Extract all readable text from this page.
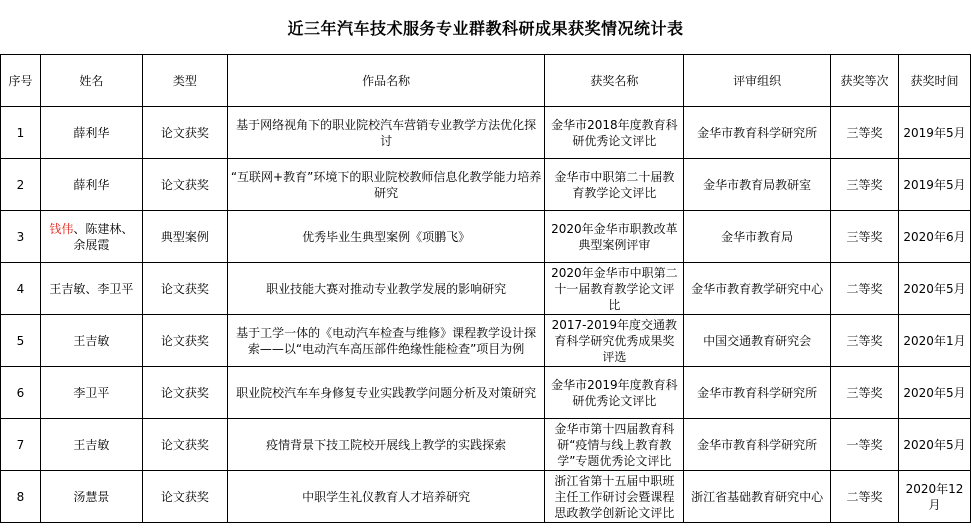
近三年汽车技术服务专业群教科研成果获奖情况统计表
序号	姓名	类型	作品名称	获奖名称	评审组织	获奖等次	获奖时间
1	薛利华	论文获奖	基于网络视角下的职业院校汽车营销专业教学方法优化探讨	金华市2018年度教育科研优秀论文评比	金华市教育科学研究所	三等奖	2019年5月
2	薛利华	论文获奖	“互联网+教育”环境下的职业院校教师信息化教学能力培养研究	金华市中职第二十届教育教学论文评比	金华市教育局教研室	三等奖	2019年5月
3	钱伟、陈建林、余展霞	典型案例	优秀毕业生典型案例《项鹏飞》	2020年金华市职教改革典型案例评审	金华市教育局	三等奖	2020年6月
4	王吉敏、李卫平	论文获奖	职业技能大赛对推动专业教学发展的影响研究	2020年金华市中职第二十一届教育教学论文评比	金华市教育教学研究中心	二等奖	2020年5月
5	王吉敏	论文获奖	基于工学一体的《电动汽车检查与维修》课程教学设计探索——以“电动汽车高压部件绝缘性能检查”项目为例	2017-2019年度交通教育科学研究优秀成果奖评选	中国交通教育研究会	三等奖	2020年1月
6	李卫平	论文获奖	职业院校汽车车身修复专业实践教学问题分析及对策研究	金华市2019年度教育科研优秀论文评比	金华市教育科学研究所	三等奖	2020年5月
7	王吉敏	论文获奖	疫情背景下技工院校开展线上教学的实践探索	金华市第十四届教育科研“疫情与线上教育教学”专题优秀论文评比	金华市教育科学研究所	一等奖	2020年5月
8	汤慧景	论文获奖	中职学生礼仪教育人才培养研究	浙江省第十五届中职班主任工作研讨会暨课程思政教学创新论文评比	浙江省基础教育研究中心	二等奖	2020年12月
